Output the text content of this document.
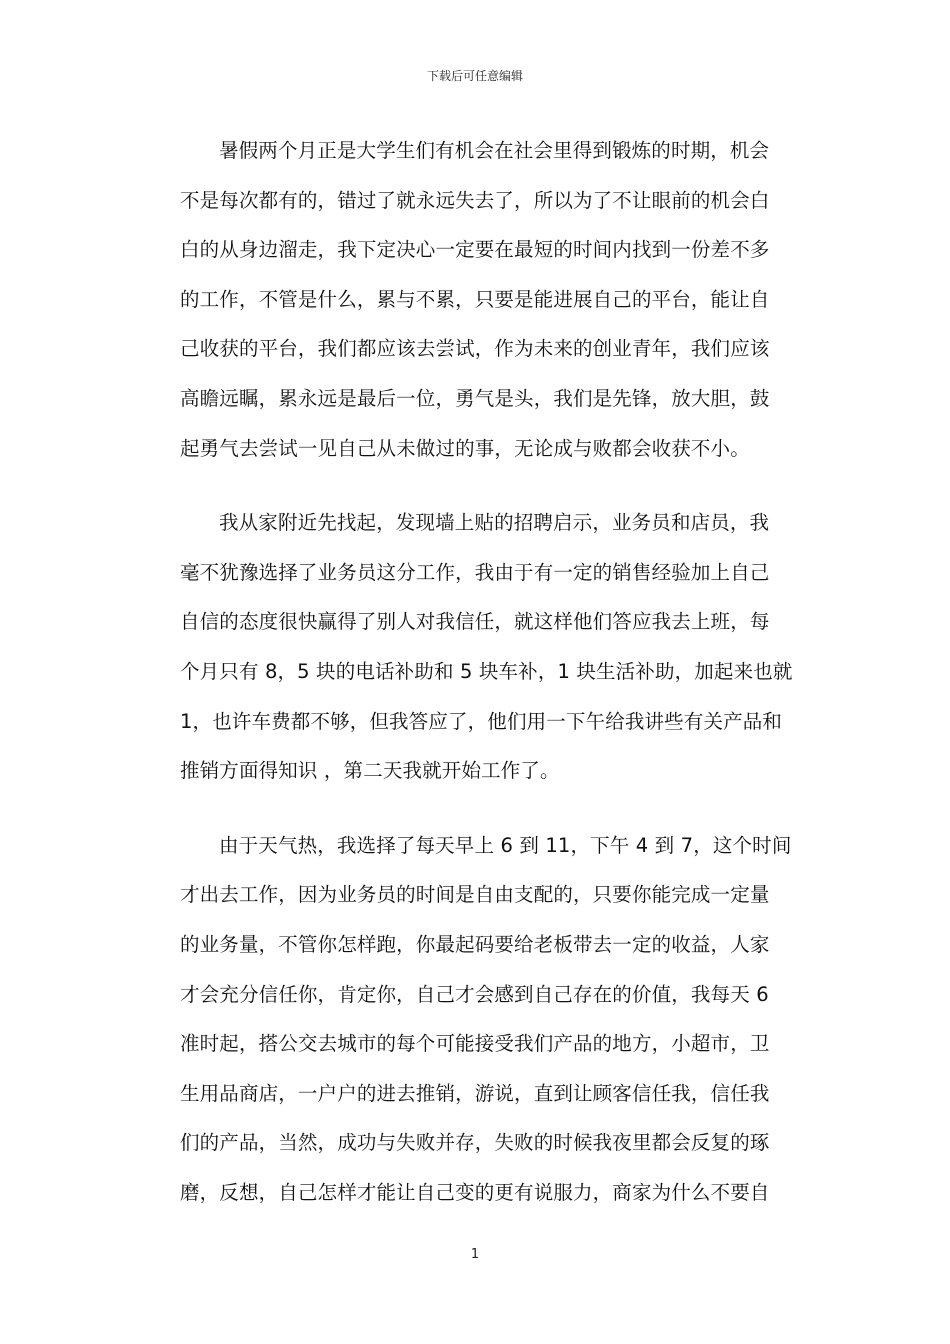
下载后可任意编辑
暑假两个月正是大学生们有机会在社会里得到锻炼的时期，机会
不是每次都有的，错过了就永远失去了，所以为了不让眼前的机会白
白的从身边溜走，我下定决心一定要在最短的时间内找到一份差不多
的工作，不管是什么，累与不累，只要是能进展自己的平台，能让自
己收获的平台，我们都应该去尝试，作为未来的创业青年，我们应该
高瞻远瞩，累永远是最后一位，勇气是头，我们是先锋，放大胆，鼓
起勇气去尝试一见自己从未做过的事，无论成与败都会收获不小。
我从家附近先找起，发现墙上贴的招聘启示，业务员和店员，我
毫不犹豫选择了业务员这分工作，我由于有一定的销售经验加上自己
自信的态度很快赢得了别人对我信任，就这样他们答应我去上班，每
个月只有 8，5 块的电话补助和 5 块车补，1 块生活补助，加起来也就
1，也许车费都不够，但我答应了，他们用一下午给我讲些有关产品和
推销方面得知识 ，第二天我就开始工作了。
由于天气热，我选择了每天早上 6 到 11，下午 4 到 7，这个时间
才出去工作，因为业务员的时间是自由支配的，只要你能完成一定量
的业务量，不管你怎样跑，你最起码要给老板带去一定的收益，人家
才会充分信任你，肯定你，自己才会感到自己存在的价值，我每天 6
准时起，搭公交去城市的每个可能接受我们产品的地方，小超市，卫
生用品商店，一户户的进去推销，游说，直到让顾客信任我，信任我
们的产品，当然，成功与失败并存，失败的时候我夜里都会反复的琢
磨，反想，自己怎样才能让自己变的更有说服力，商家为什么不要自
1
